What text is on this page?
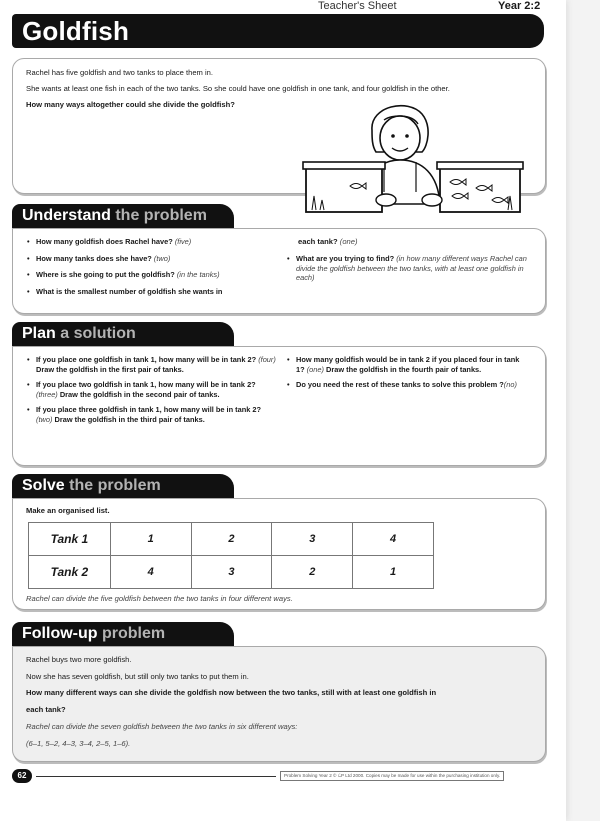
Teacher's Sheet	Year 2:2
Goldfish
Rachel has five goldfish and two tanks to place them in.
She wants at least one fish in each of the two tanks. So she could have one goldfish in one tank, and four goldfish in the other.
How many ways altogether could she divide the goldfish?
Understand the problem
• How many goldfish does Rachel have? (five)
• How many tanks does she have? (two)
• Where is she going to put the goldfish? (in the tanks)
• What is the smallest number of goldfish she wants in
each tank? (one)
• What are you trying to find? (in how many different ways Rachel can divide the goldfish between the two tanks, with at least one goldfish in each)
Plan a solution
• If you place one goldfish in tank 1, how many will be in tank 2? (four) Draw the goldfish in the first pair of tanks.
• If you place two goldfish in tank 1, how many will be in tank 2? (three) Draw the goldfish in the second pair of tanks.
• If you place three goldfish in tank 1, how many will be in tank 2? (two) Draw the goldfish in the third pair of tanks.
• How many goldfish would be in tank 2 if you placed four in tank 1? (one) Draw the goldfish in the fourth pair of tanks.
• Do you need the rest of these tanks to solve this problem ?(no)
Solve the problem
Make an organised list.
Tank 1	1	2	3	4
Tank 2	4	3	2	1
Rachel can divide the five goldfish between the two tanks in four different ways.
Follow-up problem
Rachel buys two more goldfish.
Now she has seven goldfish, but still only two tanks to put them in.
How many different ways can she divide the goldfish now between the two tanks, still with at least one goldfish in
each tank?
Rachel can divide the seven goldfish between the two tanks in six different ways:
(6–1, 5–2, 4–3, 3–4, 2–5, 1–6).
62	Problem Solving Year 2 © ℒP Ltd 2000. Copies may be made for use within the purchasing institution only.
